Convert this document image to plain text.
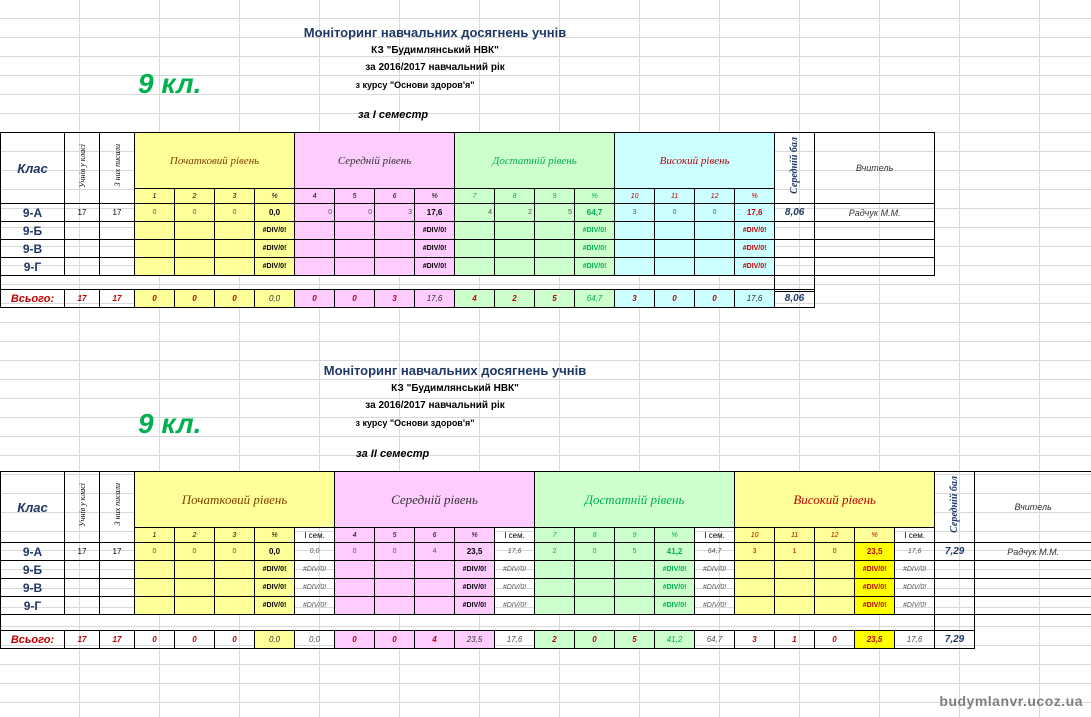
Моніторинг навчальних досягнень учнів
КЗ "Будимлянський НВК"
за 2016/2017 навчальний рік
з курсу "Основи здоров'я"
9 кл.
за І семестр
Клас	Учнів у класі	З них писали	Початковий рівень				Середній рівень				Достатній рівень				Високий рівень				Середній бал	Вчитель
			1	2	3	%	4	5	6	%	7	8	9	%	10	11	12	%		
9-А	17	17	0	0	0	0,0	0	0	3	17,6	4	2	5	64,7	3	0	0	17,6	8,06	Радчук М.М.
9-Б						#DIV/0!				#DIV/0!				#DIV/0!				#DIV/0!		
9-В						#DIV/0!				#DIV/0!				#DIV/0!				#DIV/0!		
9-Г						#DIV/0!				#DIV/0!				#DIV/0!				#DIV/0!		

Всього:	17	17	0	0	0	0,0	0	0	3	17,6	4	2	5	64,7	3	0	0	17,6	8,06
Моніторинг навчальних досягнень учнів
КЗ "Будимлянський НВК"
за 2016/2017 навчальний рік
з курсу "Основи здоров'я"
9 кл.
за ІІ семестр
Клас	Учнів у класі	З них писали	Початковий рівень					Середній рівень					Достатній рівень					Високий рівень					Середній бал	Вчитель
			1	2	3	%	І сем.	4	5	6	%	І сем.	7	8	9	%	І сем.	10	11	12	%	І сем.		
9-А	17	17	0	0	0	0,0	0,0	0	0	4	23,5	17,6	2	0	5	41,2	64,7	3	1	0	23,5	17,6	7,29	Радчук М.М.
9-Б						#DIV/0!	#DIV/0!				#DIV/0!	#DIV/0!				#DIV/0!	#DIV/0!				#DIV/0!	#DIV/0!		
9-В						#DIV/0!	#DIV/0!				#DIV/0!	#DIV/0!				#DIV/0!	#DIV/0!				#DIV/0!	#DIV/0!		
9-Г						#DIV/0!	#DIV/0!				#DIV/0!	#DIV/0!				#DIV/0!	#DIV/0!				#DIV/0!	#DIV/0!		

Всього:	17	17	0	0	0	0,0	0,0	0	0	4	23,5	17,6	2	0	5	41,2	64,7	3	1	0	23,5	17,6	7,29
budymlanvr.ucoz.ua
